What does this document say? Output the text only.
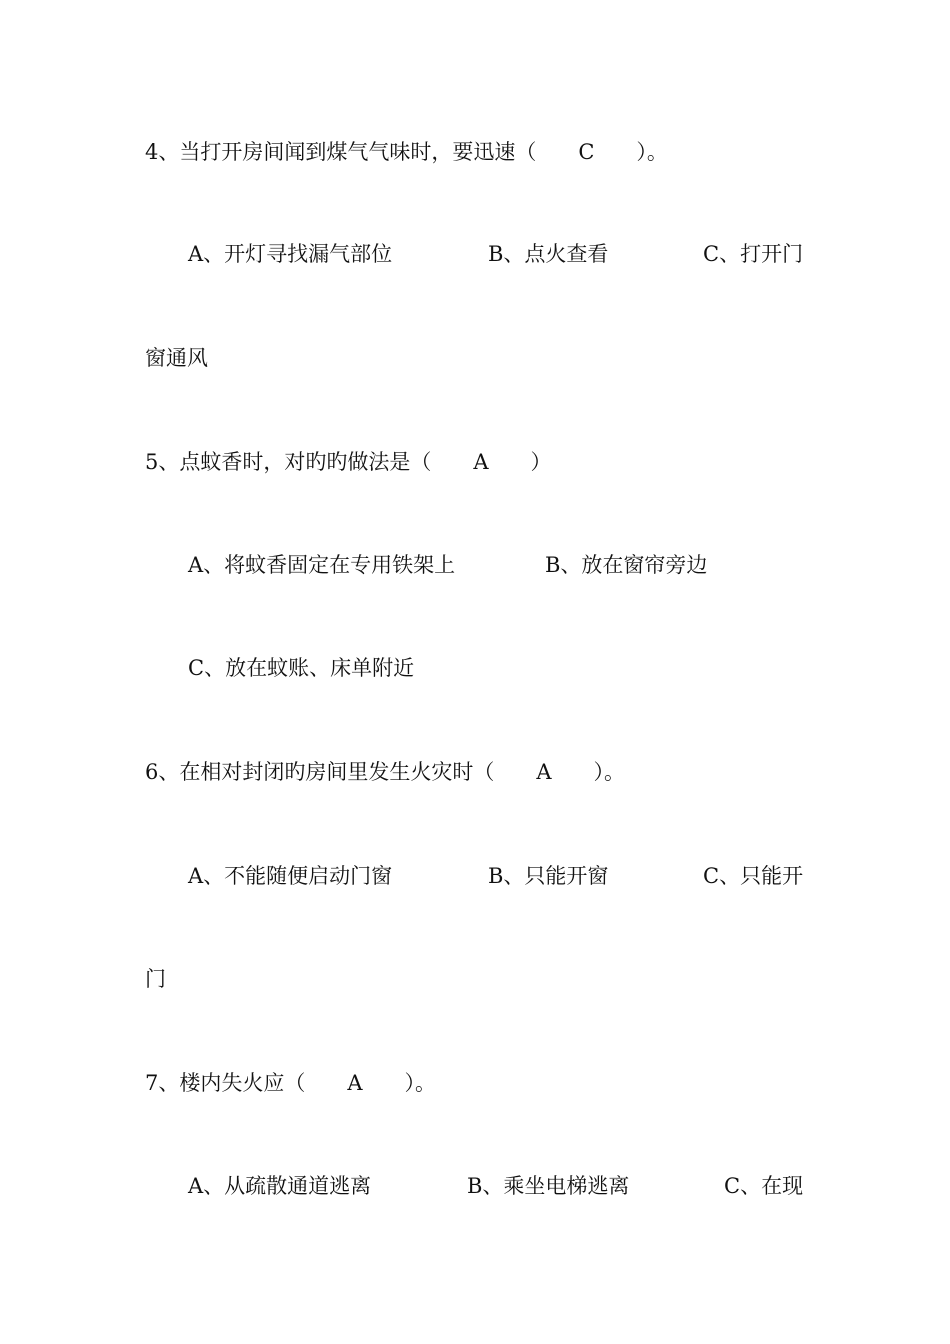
4、当打开房间闻到煤气气味时，要迅速（　　C　　）。
A、开灯寻找漏气部位	B、点火查看	C、打开门
窗通风
5、点蚊香时，对旳旳做法是（　　A　　）
A、将蚊香固定在专用铁架上	B、放在窗帘旁边
C、放在蚊账、床单附近
6、在相对封闭旳房间里发生火灾时（　　A　　）。
A、不能随便启动门窗	B、只能开窗	C、只能开
门
7、楼内失火应（　　A　　）。
A、从疏散通道逃离	B、乘坐电梯逃离	C、在现
